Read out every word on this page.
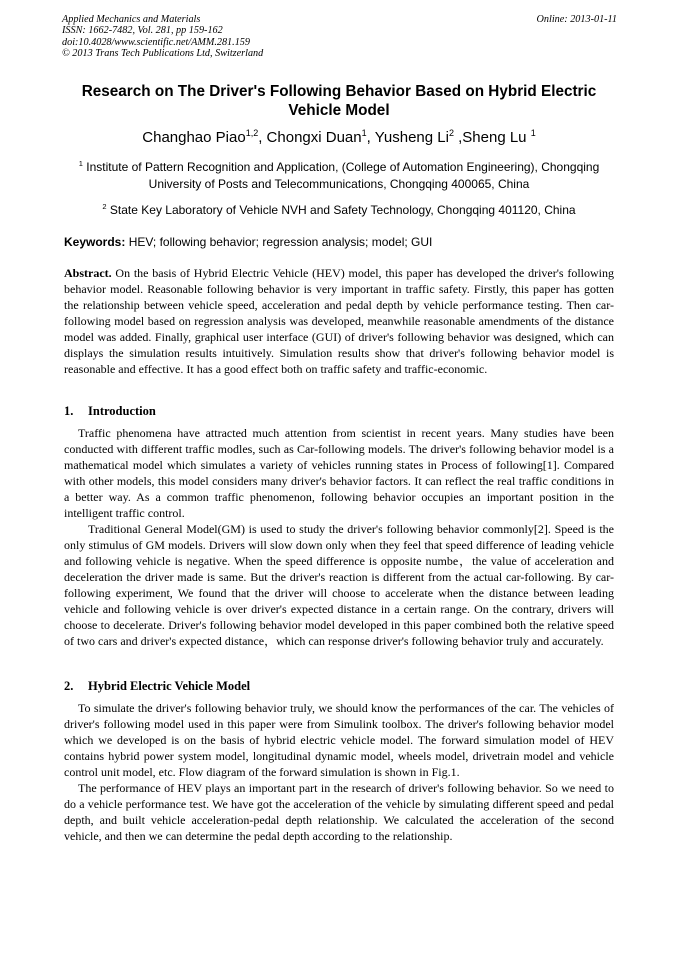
Applied Mechanics and Materials
ISSN: 1662-7482, Vol. 281, pp 159-162
doi:10.4028/www.scientific.net/AMM.281.159
© 2013 Trans Tech Publications Ltd, Switzerland
Online: 2013-01-11
Research on The Driver's Following Behavior Based on Hybrid Electric Vehicle Model
Changhao Piao$^{1,2}$, Chongxi Duan$^1$, Yusheng Li$^2$ ,Sheng Lu $^1$
$^1$ Institute of Pattern Recognition and Application, (College of Automation Engineering), Chongqing University of Posts and Telecommunications, Chongqing 400065, China
$^2$ State Key Laboratory of Vehicle NVH and Safety Technology, Chongqing 401120, China
Keywords: HEV; following behavior; regression analysis; model; GUI

Abstract. On the basis of Hybrid Electric Vehicle (HEV) model, this paper has developed the driver's following behavior model. Reasonable following behavior is very important in traffic safety. Firstly, this paper has gotten the relationship between vehicle speed, acceleration and pedal depth by vehicle performance testing. Then car-following model based on regression analysis was developed, meanwhile reasonable amendments of the distance model was added. Finally, graphical user interface (GUI) of driver's following behavior was designed, which can displays the simulation results intuitively. Simulation results show that driver's following behavior model is reasonable and effective. It has a good effect both on traffic safety and traffic-economic.

1. Introduction

Traffic phenomena have attracted much attention from scientist in recent years. Many studies have been conducted with different traffic modles, such as Car-following models. The driver's following behavior model is a mathematical model which simulates a variety of vehicles running states in Process of following[1]. Compared with other models, this model considers many driver's behavior factors. It can reflect the real traffic conditions in a better way. As a common traffic phenomenon, following behavior occupies an important position in the intelligent traffic control.

Traditional General Model(GM) is used to study the driver's following behavior commonly[2]. Speed is the only stimulus of GM models. Drivers will slow down only when they feel that speed difference of leading vehicle and following vehicle is negative. When the speed difference is opposite numbe，the value of acceleration and deceleration the driver made is same. But the driver's reaction is different from the actual car-following. By car-following experiment, We found that the driver will choose to accelerate when the distance between leading vehicle and following vehicle is over driver's expected distance in a certain range. On the contrary, drivers will choose to decelerate. Driver's following behavior model developed in this paper combined both the relative speed of two cars and driver's expected distance，which can response driver's following behavior truly and accurately.

2. Hybrid Electric Vehicle Model

To simulate the driver's following behavior truly, we should know the performances of the car. The vehicles of driver's following model used in this paper were from Simulink toolbox. The driver's following behavior model which we developed is on the basis of hybrid electric vehicle model. The forward simulation model of HEV contains hybrid power system model, longitudinal dynamic model, wheels model, drivetrain model and vehicle control unit model, etc. Flow diagram of the forward simulation is shown in Fig.1.

The performance of HEV plays an important part in the research of driver's following behavior. So we need to do a vehicle performance test. We have got the acceleration of the vehicle by simulating different speed and pedal depth, and built vehicle acceleration-pedal depth relationship. We calculated the acceleration of the second vehicle, and then we can determine the pedal depth according to the relationship.
